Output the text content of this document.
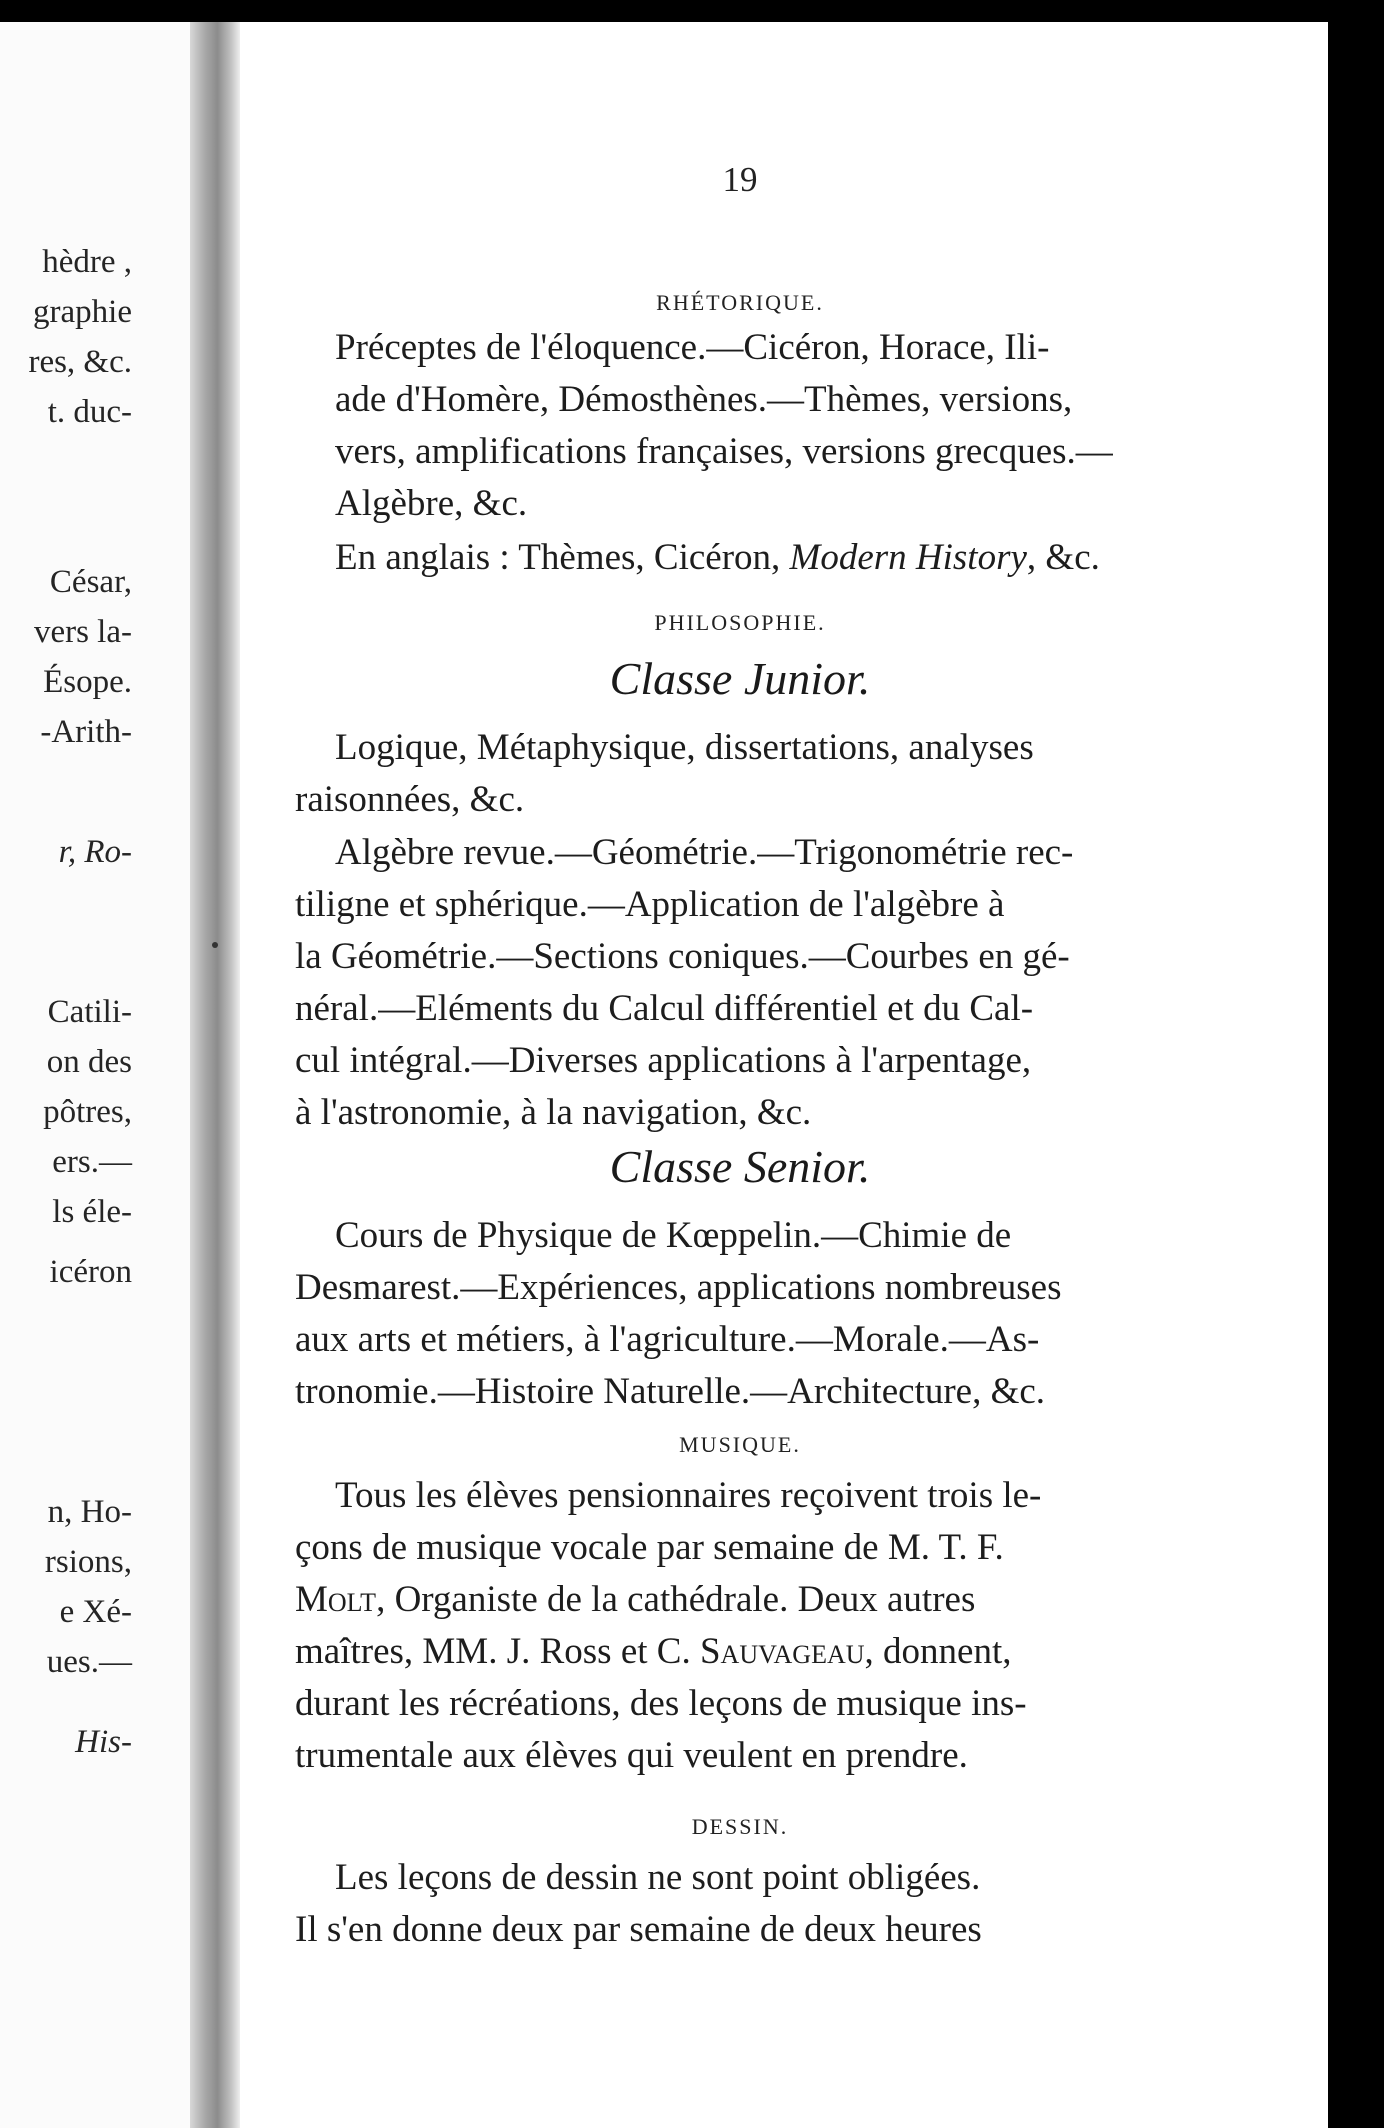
hèdre ,
graphie
res, &c.
t. duc-
César,
vers la-
Ésope.
-Arith-
r, Ro-
Catili-
on des
pôtres,
ers.—
ls éle-
icéron
n, Ho-
rsions,
e Xé-
ues.—
His-
19
RHÉTORIQUE.

Préceptes de l'éloquence.—Cicéron, Horace, Ili-
ade d'Homère, Démosthènes.—Thèmes, versions,
vers, amplifications françaises, versions grecques.—
Algèbre, &c.

En anglais : Thèmes, Cicéron, Modern History, &c.
PHILOSOPHIE.
Classe Junior.
Logique, Métaphysique, dissertations, analyses
raisonnées, &c.
Algèbre revue.—Géométrie.—Trigonométrie rec-
tiligne et sphérique.—Application de l'algèbre à
la Géométrie.—Sections coniques.—Courbes en gé-
néral.—Eléments du Calcul différentiel et du Cal-
cul intégral.—Diverses applications à l'arpentage,
à l'astronomie, à la navigation, &c.
Classe Senior.
Cours de Physique de Kœppelin.—Chimie de
Desmarest.—Expériences, applications nombreuses
aux arts et métiers, à l'agriculture.—Morale.—As-
tronomie.—Histoire Naturelle.—Architecture, &c.
MUSIQUE.
Tous les élèves pensionnaires reçoivent trois le-
çons de musique vocale par semaine de M. T. F.
Molt, Organiste de la cathédrale. Deux autres
maîtres, MM. J. Ross et C. Sauvageau, donnent,
durant les récréations, des leçons de musique ins-
trumentale aux élèves qui veulent en prendre.
DESSIN.
Les leçons de dessin ne sont point obligées.
Il s'en donne deux par semaine de deux heures
